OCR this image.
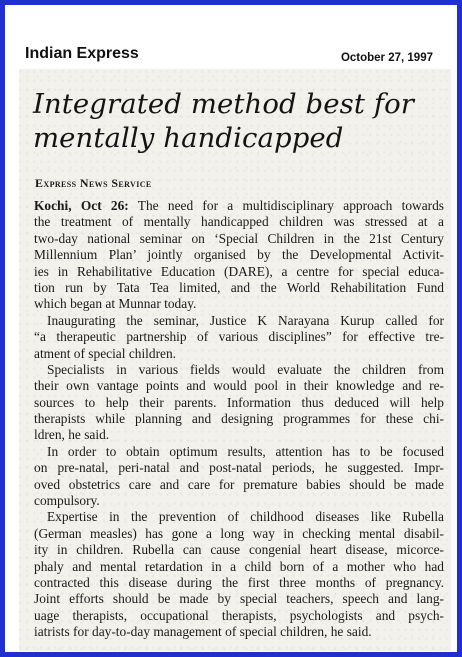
Indian Express	October 27, 1997
Integrated method best for
mentally handicapped
Express News Service
Kochi, Oct 26: The need for a multidisciplinary approach towards
the treatment of mentally handicapped children was stressed at a
two-day national seminar on ‘Special Children in the 21st Century
Millennium Plan’ jointly organised by the Developmental Activit-
ies in Rehabilitative Education (DARE), a centre for special educa-
tion run by Tata Tea limited, and the World Rehabilitation Fund
which began at Munnar today.
Inaugurating the seminar, Justice K Narayana Kurup called for
“a therapeutic partnership of various disciplines” for effective tre-
atment of special children.
Specialists in various fields would evaluate the children from
their own vantage points and would pool in their knowledge and re-
sources to help their parents. Information thus deduced will help
therapists while planning and designing programmes for these chi-
ldren, he said.
In order to obtain optimum results, attention has to be focused
on pre-natal, peri-natal and post-natal periods, he suggested. Impr-
oved obstetrics care and care for premature babies should be made
compulsory.
Expertise in the prevention of childhood diseases like Rubella
(German measles) has gone a long way in checking mental disabil-
ity in children. Rubella can cause congenial heart disease, micorce-
phaly and mental retardation in a child born of a mother who had
contracted this disease during the first three months of pregnancy.
Joint efforts should be made by special teachers, speech and lang-
uage therapists, occupational therapists, psychologists and psych-
iatrists for day-to-day management of special children, he said.
